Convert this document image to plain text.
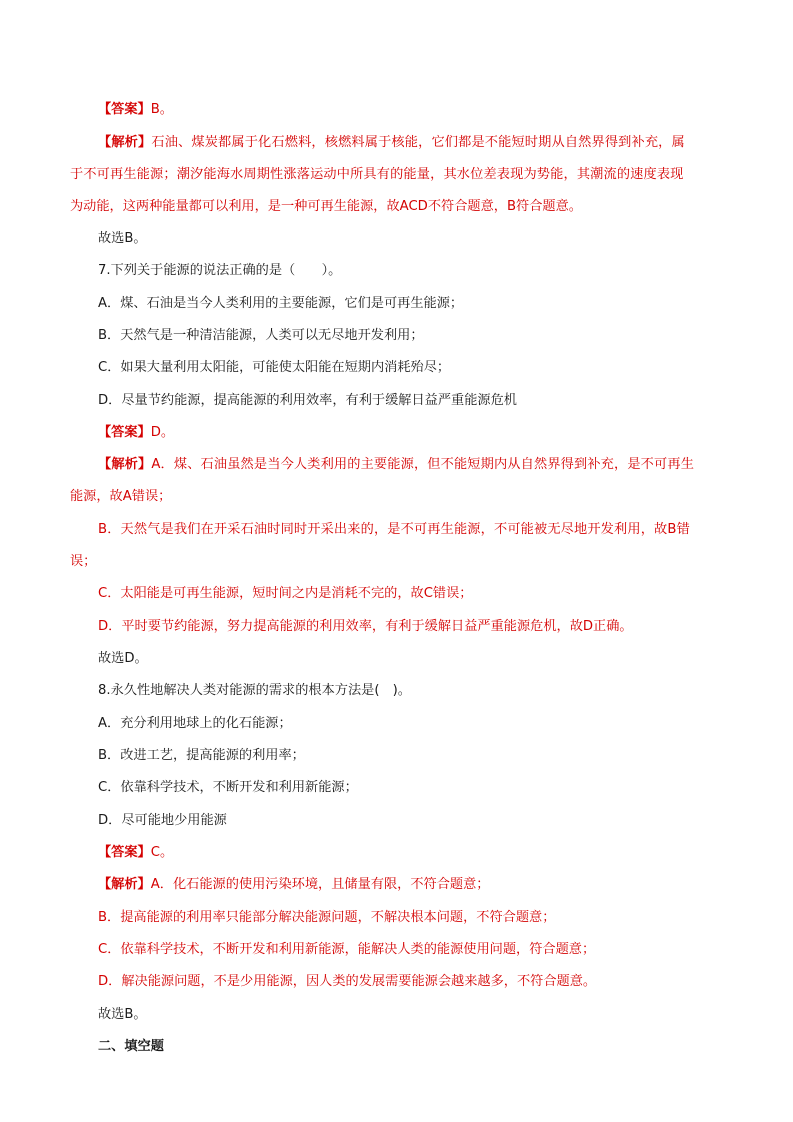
【答案】B。
【解析】石油、煤炭都属于化石燃料，核燃料属于核能，它们都是不能短时期从自然界得到补充，属
于不可再生能源；潮汐能海水周期性涨落运动中所具有的能量，其水位差表现为势能，其潮流的速度表现
为动能，这两种能量都可以利用，是一种可再生能源，故ACD不符合题意，B符合题意。
故选B。
7.下列关于能源的说法正确的是（　　）。
A．煤、石油是当今人类利用的主要能源，它们是可再生能源；
B．天然气是一种清洁能源，人类可以无尽地开发利用；
C．如果大量利用太阳能，可能使太阳能在短期内消耗殆尽；
D．尽量节约能源，提高能源的利用效率，有利于缓解日益严重能源危机
【答案】D。
【解析】A．煤、石油虽然是当今人类利用的主要能源，但不能短期内从自然界得到补充，是不可再生
能源，故A错误；
B．天然气是我们在开采石油时同时开采出来的，是不可再生能源，不可能被无尽地开发利用，故B错
误；
C．太阳能是可再生能源，短时间之内是消耗不完的，故C错误；
D．平时要节约能源，努力提高能源的利用效率，有利于缓解日益严重能源危机，故D正确。
故选D。
8.永久性地解决人类对能源的需求的根本方法是(　)。
A．充分利用地球上的化石能源；
B．改进工艺，提高能源的利用率；
C．依靠科学技术，不断开发和利用新能源；
D．尽可能地少用能源
【答案】C。
【解析】A．化石能源的使用污染环境，且储量有限，不符合题意；
B．提高能源的利用率只能部分解决能源问题，不解决根本问题，不符合题意；
C．依靠科学技术，不断开发和利用新能源，能解决人类的能源使用问题，符合题意；
D．解决能源问题，不是少用能源，因人类的发展需要能源会越来越多，不符合题意。
故选B。
二、填空题
